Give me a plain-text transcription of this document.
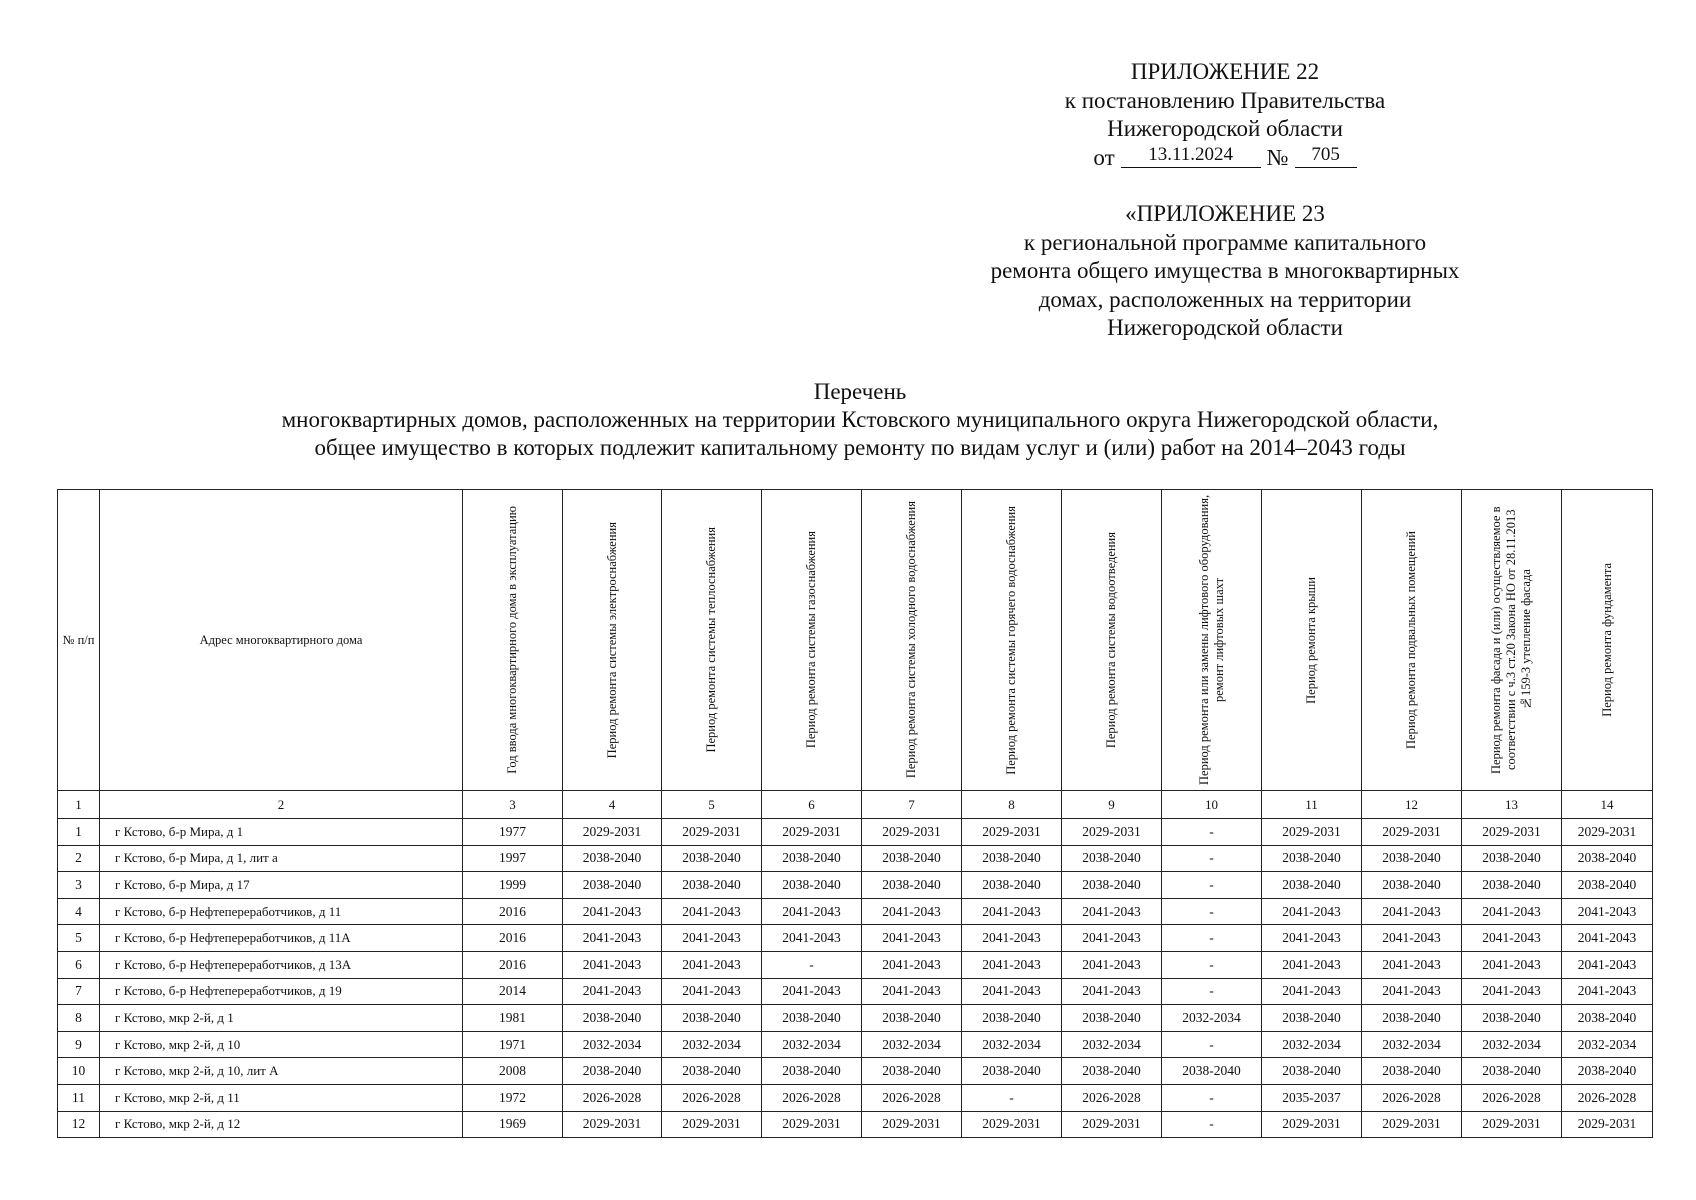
ПРИЛОЖЕНИЕ 22
к постановлению Правительства
Нижегородской области
от	13.11.2024	№	705
«ПРИЛОЖЕНИЕ 23
к региональной программе капитального
ремонта общего имущества в многоквартирных
домах, расположенных на территории
Нижегородской области
Перечень
многоквартирных домов, расположенных на территории Кстовского муниципального округа Нижегородской области,
общее имущество в которых подлежит капитальному ремонту по видам услуг и (или) работ на 2014–2043 годы
№ п/п	Адрес многоквартирного дома	Год ввода многоквартирного дома в эксплуатацию	Период ремонта системы электроснабжения	Период ремонта системы теплоснабжения	Период ремонта системы газоснабжения	Период ремонта системы холодного водоснабжения	Период ремонта системы горячего водоснабжения	Период ремонта системы водоотведения	Период ремонта или замены лифтового оборудования, ремонт лифтовых шахт	Период ремонта крыши	Период ремонта подвальных помещений	Период ремонта фасада и (или) осуществляемое в соответствии с ч.3 ст.20 Закона НО от 28.11.2013 №159-З утепление фасада	Период ремонта фундамента

1	2	3	4	5	6	7	8	9	10	11	12	13	14
1	г Кстово, б-р Мира, д 1	1977	2029-2031	2029-2031	2029-2031	2029-2031	2029-2031	2029-2031	-	2029-2031	2029-2031	2029-2031	2029-2031
2	г Кстово, б-р Мира, д 1, лит а	1997	2038-2040	2038-2040	2038-2040	2038-2040	2038-2040	2038-2040	-	2038-2040	2038-2040	2038-2040	2038-2040
3	г Кстово, б-р Мира, д 17	1999	2038-2040	2038-2040	2038-2040	2038-2040	2038-2040	2038-2040	-	2038-2040	2038-2040	2038-2040	2038-2040
4	г Кстово, б-р Нефтепереработчиков, д 11	2016	2041-2043	2041-2043	2041-2043	2041-2043	2041-2043	2041-2043	-	2041-2043	2041-2043	2041-2043	2041-2043
5	г Кстово, б-р Нефтепереработчиков, д 11А	2016	2041-2043	2041-2043	2041-2043	2041-2043	2041-2043	2041-2043	-	2041-2043	2041-2043	2041-2043	2041-2043
6	г Кстово, б-р Нефтепереработчиков, д 13А	2016	2041-2043	2041-2043	-	2041-2043	2041-2043	2041-2043	-	2041-2043	2041-2043	2041-2043	2041-2043
7	г Кстово, б-р Нефтепереработчиков, д 19	2014	2041-2043	2041-2043	2041-2043	2041-2043	2041-2043	2041-2043	-	2041-2043	2041-2043	2041-2043	2041-2043
8	г Кстово, мкр 2-й, д 1	1981	2038-2040	2038-2040	2038-2040	2038-2040	2038-2040	2038-2040	2032-2034	2038-2040	2038-2040	2038-2040	2038-2040
9	г Кстово, мкр 2-й, д 10	1971	2032-2034	2032-2034	2032-2034	2032-2034	2032-2034	2032-2034	-	2032-2034	2032-2034	2032-2034	2032-2034
10	г Кстово, мкр 2-й, д 10, лит А	2008	2038-2040	2038-2040	2038-2040	2038-2040	2038-2040	2038-2040	2038-2040	2038-2040	2038-2040	2038-2040	2038-2040
11	г Кстово, мкр 2-й, д 11	1972	2026-2028	2026-2028	2026-2028	2026-2028	-	2026-2028	-	2035-2037	2026-2028	2026-2028	2026-2028
12	г Кстово, мкр 2-й, д 12	1969	2029-2031	2029-2031	2029-2031	2029-2031	2029-2031	2029-2031	-	2029-2031	2029-2031	2029-2031	2029-2031
